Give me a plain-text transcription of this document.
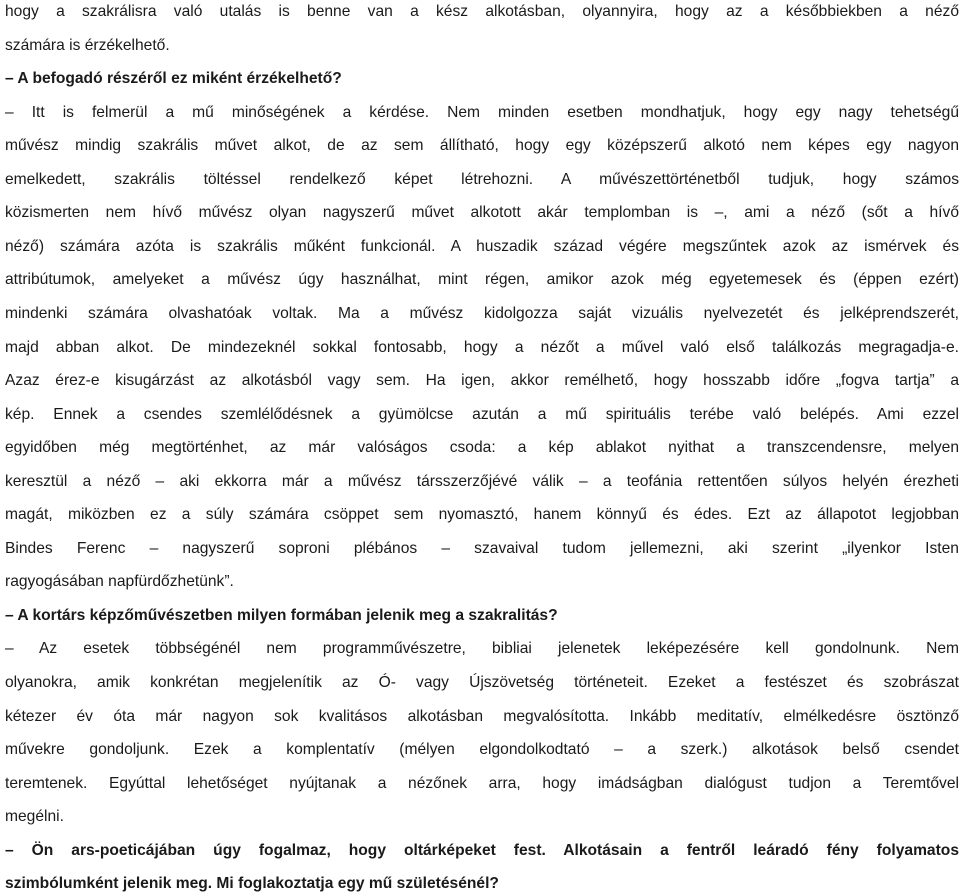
hogy a szakrálisra való utalás is benne van a kész alkotásban, olyannyira, hogy az a későbbiekben a néző
számára is érzékelhető.
– A befogadó részéről ez miként érzékelhető?
– Itt is felmerül a mű minőségének a kérdése. Nem minden esetben mondhatjuk, hogy egy nagy tehetségű
művész mindig szakrális művet alkot, de az sem állítható, hogy egy középszerű alkotó nem képes egy nagyon
emelkedett, szakrális töltéssel rendelkező képet létrehozni. A művészettörténetből tudjuk, hogy számos
közismerten nem hívő művész olyan nagyszerű művet alkotott akár templomban is –, ami a néző (sőt a hívő
néző) számára azóta is szakrális műként funkcionál. A huszadik század végére megszűntek azok az ismérvek és
attribútumok, amelyeket a művész úgy használhat, mint régen, amikor azok még egyetemesek és (éppen ezért)
mindenki számára olvashatóak voltak. Ma a művész kidolgozza saját vizuális nyelvezetét és jelképrendszerét,
majd abban alkot. De mindezeknél sokkal fontosabb, hogy a nézőt a művel való első találkozás megragadja-e.
Azaz érez-e kisugárzást az alkotásból vagy sem. Ha igen, akkor remélhető, hogy hosszabb időre „fogva tartja” a
kép. Ennek a csendes szemlélődésnek a gyümölcse azután a mű spirituális terébe való belépés. Ami ezzel
egyidőben még megtörténhet, az már valóságos csoda: a kép ablakot nyithat a transzcendensre, melyen
keresztül a néző – aki ekkorra már a művész társszerzőjévé válik – a teofánia rettentően súlyos helyén érezheti
magát, miközben ez a súly számára csöppet sem nyomasztó, hanem könnyű és édes. Ezt az állapotot legjobban
Bindes Ferenc – nagyszerű soproni plébános – szavaival tudom jellemezni, aki szerint „ilyenkor Isten
ragyogásában napfürdőzhetünk”.
– A kortárs képzőművészetben milyen formában jelenik meg a szakralitás?
– Az esetek többségénél nem programművészetre, bibliai jelenetek leképezésére kell gondolnunk. Nem
olyanokra, amik konkrétan megjelenítik az Ó- vagy Újszövetség történeteit. Ezeket a festészet és szobrászat
kétezer év óta már nagyon sok kvalitásos alkotásban megvalósította. Inkább meditatív, elmélkedésre ösztönző
művekre gondoljunk. Ezek a komplentatív (mélyen elgondolkodtató – a szerk.) alkotások belső csendet
teremtenek. Egyúttal lehetőséget nyújtanak a nézőnek arra, hogy imádságban dialógust tudjon a Teremtővel
megélni.
– Ön ars-poeticájában úgy fogalmaz, hogy oltárképeket fest. Alkotásain a fentről leáradó fény folyamatos
szimbólumként jelenik meg. Mi foglakoztatja egy mű születésénél?
